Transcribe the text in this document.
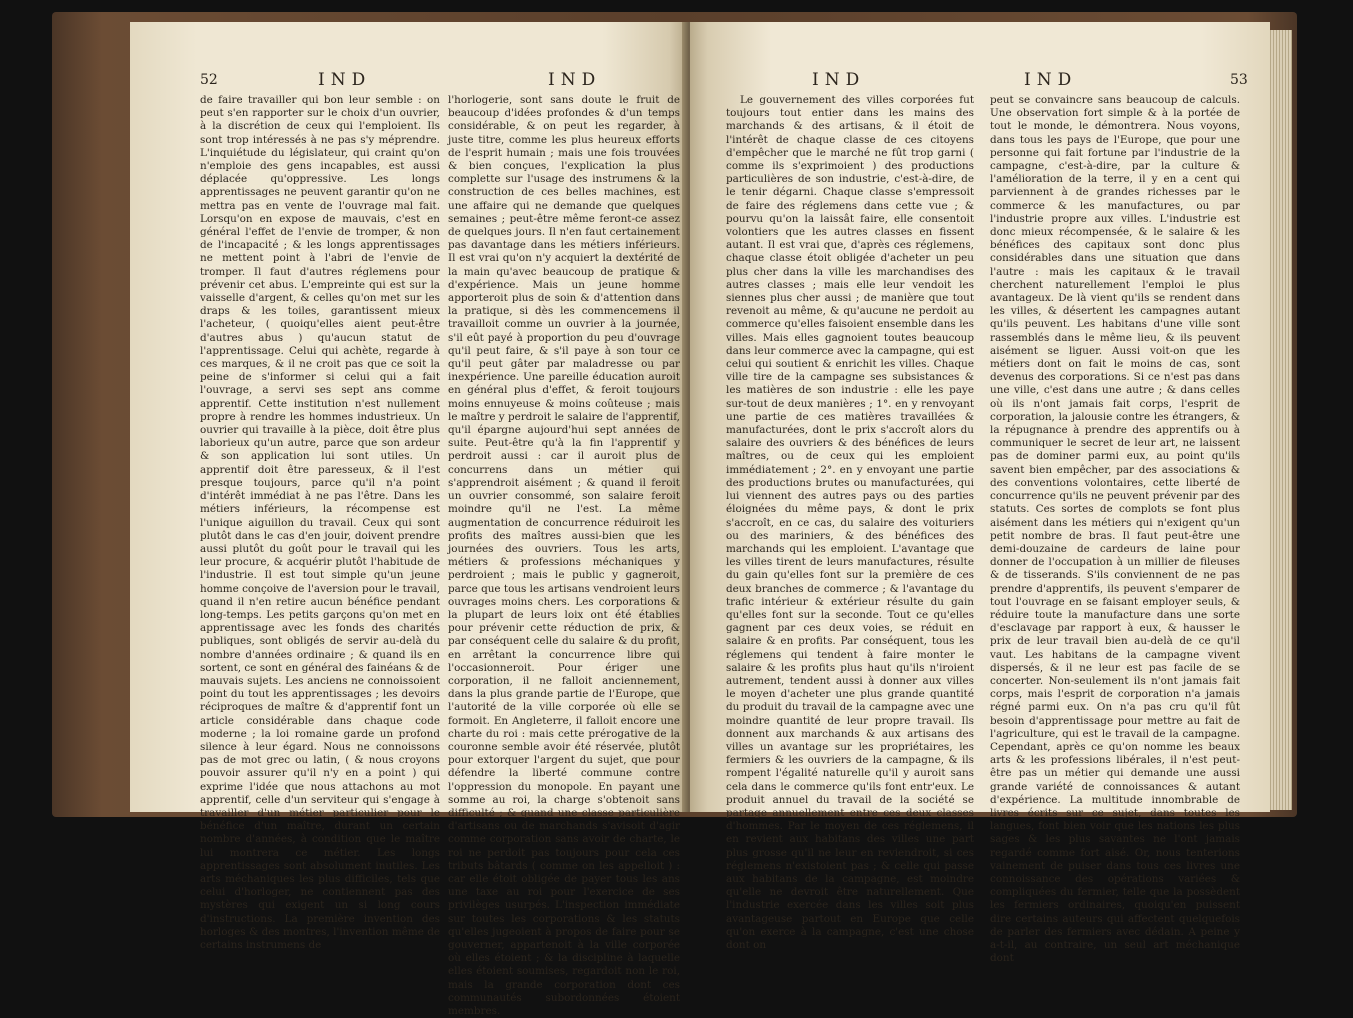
52	IND	IND

de faire travailler qui bon leur semble : on peut s'en rapporter sur le choix d'un ouvrier, à la discrétion de ceux qui l'emploient. Ils sont trop intéressés à ne pas s'y méprendre. L'inquiétude du législateur, qui craint qu'on n'emploie des gens incapables, est aussi déplacée qu'oppressive. Les longs apprentissages ne peuvent garantir qu'on ne mettra pas en vente de l'ouvrage mal fait. Lorsqu'on en expose de mauvais, c'est en général l'effet de l'envie de tromper, & non de l'incapacité ; & les longs apprentissages ne mettent point à l'abri de l'envie de tromper. Il faut d'autres réglemens pour prévenir cet abus. L'empreinte qui est sur la vaisselle d'argent, & celles qu'on met sur les draps & les toiles, garantissent mieux l'acheteur, ( quoiqu'elles aient peut-être d'autres abus ) qu'aucun statut de l'apprentissage. Celui qui achète, regarde à ces marques, & il ne croit pas que ce soit la peine de s'informer si celui qui a fait l'ouvrage, a servi ses sept ans comme apprentif. Cette institution n'est nullement propre à rendre les hommes industrieux. Un ouvrier qui travaille à la pièce, doit être plus laborieux qu'un autre, parce que son ardeur & son application lui sont utiles. Un apprentif doit être paresseux, & il l'est presque toujours, parce qu'il n'a point d'intérêt immédiat à ne pas l'être. Dans les métiers inférieurs, la récompense est l'unique aiguillon du travail. Ceux qui sont plutôt dans le cas d'en jouir, doivent prendre aussi plutôt du goût pour le travail qui les leur procure, & acquérir plutôt l'habitude de l'industrie. Il est tout simple qu'un jeune homme conçoive de l'aversion pour le travail, quand il n'en retire aucun bénéfice pendant long-temps. Les petits garçons qu'on met en apprentissage avec les fonds des charités publiques, sont obligés de servir au-delà du nombre d'années ordinaire ; & quand ils en sortent, ce sont en général des fainéans & de mauvais sujets. Les anciens ne connoissoient point du tout les apprentissages ; les devoirs réciproques de maître & d'apprentif font un article considérable dans chaque code moderne ; la loi romaine garde un profond silence à leur égard. Nous ne connoissons pas de mot grec ou latin, ( & nous croyons pouvoir assurer qu'il n'y en a point ) qui exprime l'idée que nous attachons au mot apprentif, celle d'un serviteur qui s'engage à travailler d'un métier particulier pour le bénéfice d'un maître, durant un certain nombre d'années, à condition que le maître lui montrera ce métier. Les longs apprentissages sont absolument inutiles. Les arts méchaniques les plus difficiles, tels que celui d'horloger, ne contiennent pas des mystères qui exigent un si long cours d'instructions. La première invention des horloges & des montres, l'invention même de certains instrumens de

l'horlogerie, sont sans doute le fruit de beaucoup d'idées profondes & d'un temps considérable, & on peut les regarder, à juste titre, comme les plus heureux efforts de l'esprit humain ; mais une fois trouvées & bien conçues, l'explication la plus complette sur l'usage des instrumens & la construction de ces belles machines, est une affaire qui ne demande que quelques semaines ; peut-être même feront-ce assez de quelques jours. Il n'en faut certainement pas davantage dans les métiers inférieurs. Il est vrai qu'on n'y acquiert la dextérité de la main qu'avec beaucoup de pratique & d'expérience. Mais un jeune homme apporteroit plus de soin & d'attention dans la pratique, si dès les commencemens il travailloit comme un ouvrier à la journée, s'il eût payé à proportion du peu d'ouvrage qu'il peut faire, & s'il paye à son tour ce qu'il peut gâter par maladresse ou par inexpérience. Une pareille éducation auroit en général plus d'effet, & feroit toujours moins ennuyeuse & moins coûteuse ; mais le maître y perdroit le salaire de l'apprentif, qu'il épargne aujourd'hui sept années de suite. Peut-être qu'à la fin l'apprentif y perdroit aussi : car il auroit plus de concurrens dans un métier qui s'apprendroit aisément ; & quand il feroit un ouvrier consommé, son salaire feroit moindre qu'il ne l'est. La même augmentation de concurrence réduiroit les profits des maîtres aussi-bien que les journées des ouvriers. Tous les arts, métiers & professions méchaniques y perdroient ; mais le public y gagneroit, parce que tous les artisans vendroient leurs ouvrages moins chers. Les corporations & la plupart de leurs loix ont été établies pour prévenir cette réduction de prix, & par conséquent celle du salaire & du profit, en arrêtant la concurrence libre qui l'occasionneroit. Pour ériger une corporation, il ne falloit anciennement, dans la plus grande partie de l'Europe, que l'autorité de la ville corporée où elle se formoit. En Angleterre, il falloit encore une charte du roi : mais cette prérogative de la couronne semble avoir été réservée, plutôt pour extorquer l'argent du sujet, que pour défendre la liberté commune contre l'oppression du monopole. En payant une somme au roi, la charge s'obtenoit sans difficulté ; & quand une classe particulière d'artisans ou de marchands s'avisoit d'agir comme corporation sans avoir de charte, le roi ne perdoit pas toujours pour cela ces tributs bâtards ( comme on les appelloit ) : car elle étoit obligée de payer tous les ans une taxe au roi pour l'exercice de ses privilèges usurpés. L'inspection immédiate sur toutes les corporations & les statuts qu'elles jugeoient à propos de faire pour se gouverner, appartenoit à la ville corporée où elles étoient ; & la discipline à laquelle elles étoient soumises, regardoit non le roi, mais la grande corporation dont ces communautés subordonnées étoient membres.

IND	IND	53

Le gouvernement des villes corporées fut toujours tout entier dans les mains des marchands & des artisans, & il étoit de l'intérêt de chaque classe de ces citoyens d'empêcher que le marché ne fût trop garni ( comme ils s'exprimoient ) des productions particulières de son industrie, c'est-à-dire, de le tenir dégarni. Chaque classe s'empressoit de faire des réglemens dans cette vue ; & pourvu qu'on la laissât faire, elle consentoit volontiers que les autres classes en fissent autant. Il est vrai que, d'après ces réglemens, chaque classe étoit obligée d'acheter un peu plus cher dans la ville les marchandises des autres classes ; mais elle leur vendoit les siennes plus cher aussi ; de manière que tout revenoit au même, & qu'aucune ne perdoit au commerce qu'elles faisoient ensemble dans les villes. Mais elles gagnoient toutes beaucoup dans leur commerce avec la campagne, qui est celui qui soutient & enrichit les villes. Chaque ville tire de la campagne ses subsistances & les matières de son industrie : elle les paye sur-tout de deux manières ; 1°. en y renvoyant une partie de ces matières travaillées & manufacturées, dont le prix s'accroît alors du salaire des ouvriers & des bénéfices de leurs maîtres, ou de ceux qui les emploient immédiatement ; 2°. en y envoyant une partie des productions brutes ou manufacturées, qui lui viennent des autres pays ou des parties éloignées du même pays, & dont le prix s'accroît, en ce cas, du salaire des voituriers ou des mariniers, & des bénéfices des marchands qui les emploient. L'avantage que les villes tirent de leurs manufactures, résulte du gain qu'elles font sur la première de ces deux branches de commerce ; & l'avantage du trafic intérieur & extérieur résulte du gain qu'elles font sur la seconde. Tout ce qu'elles gagnent par ces deux voies, se réduit en salaire & en profits. Par conséquent, tous les réglemens qui tendent à faire monter le salaire & les profits plus haut qu'ils n'iroient autrement, tendent aussi à donner aux villes le moyen d'acheter une plus grande quantité du produit du travail de la campagne avec une moindre quantité de leur propre travail. Ils donnent aux marchands & aux artisans des villes un avantage sur les propriétaires, les fermiers & les ouvriers de la campagne, & ils rompent l'égalité naturelle qu'il y auroit sans cela dans le commerce qu'ils font entr'eux. Le produit annuel du travail de la société se partage annuellement entre ces deux classes d'hommes. Par le moyen de ces réglemens, il en revient aux habitans des villes une part plus grosse qu'il ne leur en reviendroit, si ces réglemens n'existoient pas ; & celle qui passe aux habitans de la campagne, est moindre qu'elle ne devroit être naturellement. Que l'industrie exercée dans les villes soit plus avantageuse partout en Europe que celle qu'on exerce à la campagne, c'est une chose dont on

peut se convaincre sans beaucoup de calculs. Une observation fort simple & à la portée de tout le monde, le démontrera. Nous voyons, dans tous les pays de l'Europe, que pour une personne qui fait fortune par l'industrie de la campagne, c'est-à-dire, par la culture & l'amélioration de la terre, il y en a cent qui parviennent à de grandes richesses par le commerce & les manufactures, ou par l'industrie propre aux villes. L'industrie est donc mieux récompensée, & le salaire & les bénéfices des capitaux sont donc plus considérables dans une situation que dans l'autre : mais les capitaux & le travail cherchent naturellement l'emploi le plus avantageux. De là vient qu'ils se rendent dans les villes, & désertent les campagnes autant qu'ils peuvent. Les habitans d'une ville sont rassemblés dans le même lieu, & ils peuvent aisément se liguer. Aussi voit-on que les métiers dont on fait le moins de cas, sont devenus des corporations. Si ce n'est pas dans une ville, c'est dans une autre ; & dans celles où ils n'ont jamais fait corps, l'esprit de corporation, la jalousie contre les étrangers, & la répugnance à prendre des apprentifs ou à communiquer le secret de leur art, ne laissent pas de dominer parmi eux, au point qu'ils savent bien empêcher, par des associations & des conventions volontaires, cette liberté de concurrence qu'ils ne peuvent prévenir par des statuts. Ces sortes de complots se font plus aisément dans les métiers qui n'exigent qu'un petit nombre de bras. Il faut peut-être une demi-douzaine de cardeurs de laine pour donner de l'occupation à un millier de fileuses & de tisserands. S'ils conviennent de ne pas prendre d'apprentifs, ils peuvent s'emparer de tout l'ouvrage en se faisant employer seuls, & réduire toute la manufacture dans une sorte d'esclavage par rapport à eux, & hausser le prix de leur travail bien au-delà de ce qu'il vaut. Les habitans de la campagne vivent dispersés, & il ne leur est pas facile de se concerter. Non-seulement ils n'ont jamais fait corps, mais l'esprit de corporation n'a jamais régné parmi eux. On n'a pas cru qu'il fût besoin d'apprentissage pour mettre au fait de l'agriculture, qui est le travail de la campagne. Cependant, après ce qu'on nomme les beaux arts & les professions libérales, il n'est peut-être pas un métier qui demande une aussi grande variété de connoissances & autant d'expérience. La multitude innombrable de livres écrits sur ce sujet, dans toutes les langues, font bien voir que les nations les plus sages & les plus savantes ne l'ont jamais regardé comme fort aisé. Or, nous tenterions vainement de puiser dans tous ces livres une connoissance des opérations variées & compliquées du fermier, telle que la possèdent les fermiers ordinaires, quoiqu'en puissent dire certains auteurs qui affectent quelquefois de parler des fermiers avec dédain. A peine y a-t-il, au contraire, un seul art méchanique dont
